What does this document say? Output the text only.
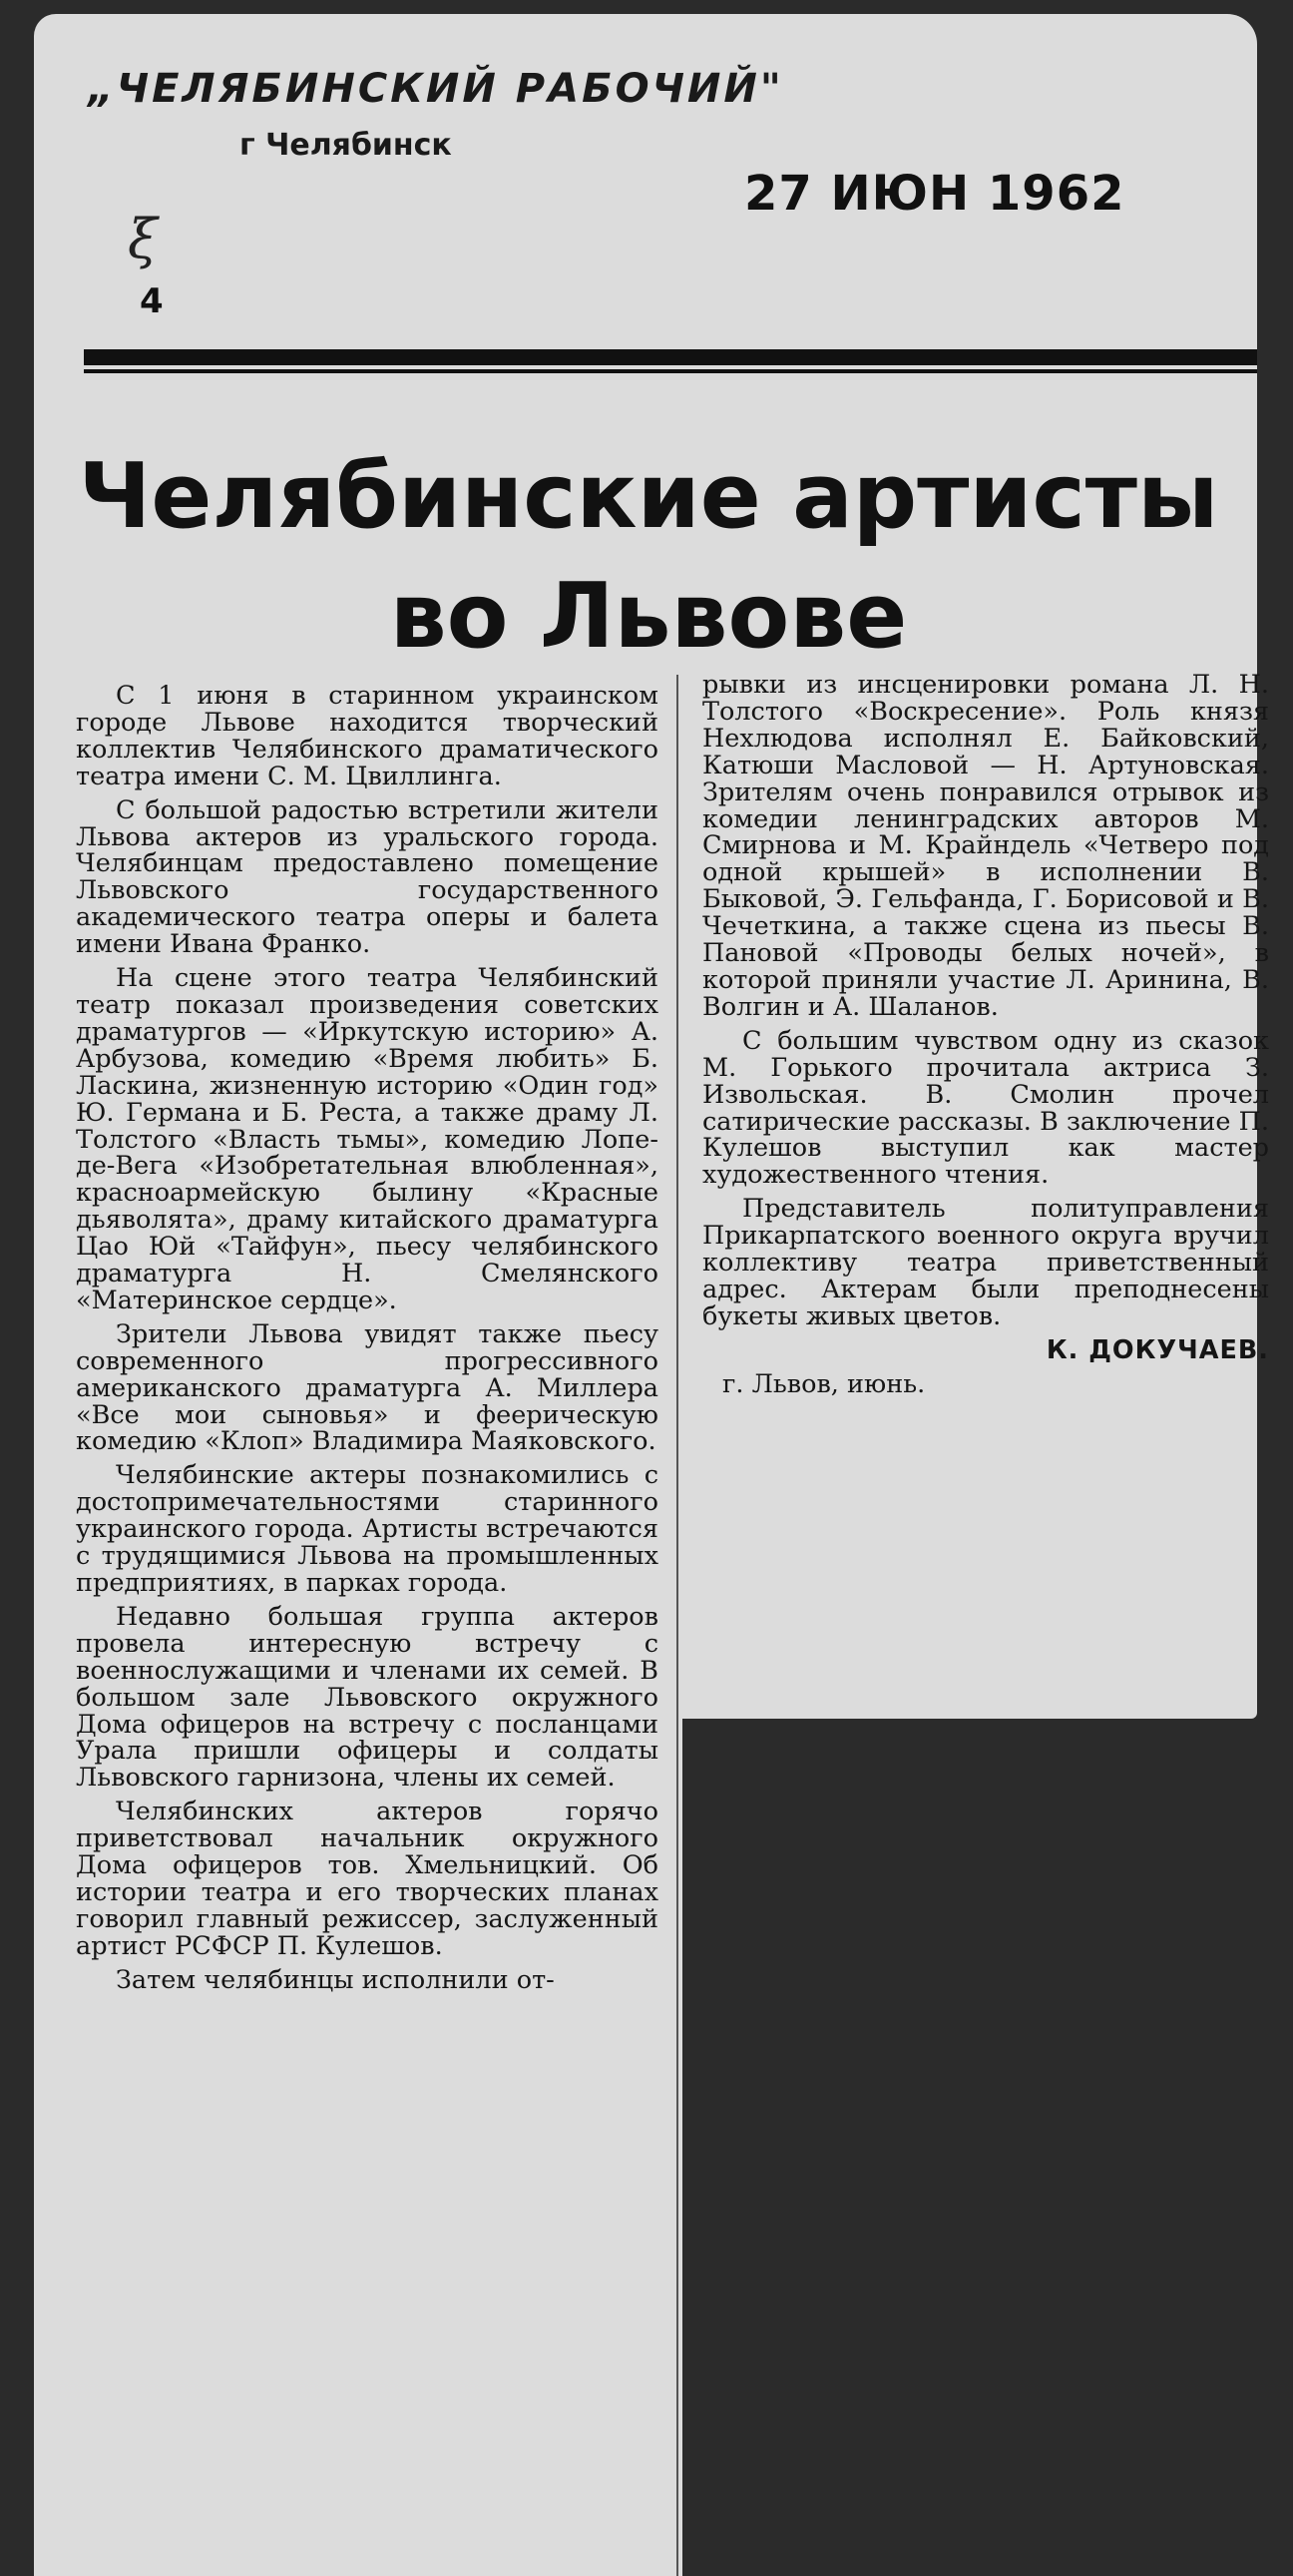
„ЧЕЛЯБИНСКИЙ РАБОЧИЙ"
г Челябинск
27 ИЮН 1962
ξ
4
Челябинские артисты
во Львове

С 1 июня в старинном украинском городе Львове находится творческий коллектив Челябинского драматического театра имени С. М. Цвиллинга.

С большой радостью встретили жители Львова актеров из уральского города. Челябинцам предоставлено помещение Львовского государственного академического театра оперы и балета имени Ивана Франко.

На сцене этого театра Челябинский театр показал произведения советских драматургов — «Иркутскую историю» А. Арбузова, комедию «Время любить» Б. Ласкина, жизненную историю «Один год» Ю. Германа и Б. Реста, а также драму Л. Толстого «Власть тьмы», комедию Лопе-де-Вега «Изобретательная влюбленная», красноармейскую былину «Красные дьяволята», драму китайского драматурга Цао Юй «Тайфун», пьесу челябинского драматурга Н. Смелянского «Материнское сердце».

Зрители Львова увидят также пьесу современного прогрессивного американского драматурга А. Миллера «Все мои сыновья» и феерическую комедию «Клоп» Владимира Маяковского.

Челябинские актеры познакомились с достопримечательностями старинного украинского города. Артисты встречаются с трудящимися Львова на промышленных предприятиях, в парках города.

Недавно большая группа актеров провела интересную встречу с военнослужащими и членами их семей. В большом зале Львовского окружного Дома офицеров на встречу с посланцами Урала пришли офицеры и солдаты Львовского гарнизона, члены их семей.

Челябинских актеров горячо приветствовал начальник окружного Дома офицеров тов. Хмельницкий. Об истории театра и его творческих планах говорил главный режиссер, заслуженный артист РСФСР П. Кулешов.

Затем челябинцы исполнили от-

рывки из инсценировки романа Л. Н. Толстого «Воскресение». Роль князя Нехлюдова исполнял Е. Байковский, Катюши Масловой — Н. Артуновская. Зрителям очень понравился отрывок из комедии ленинградских авторов М. Смирнова и М. Крайндель «Четверо под одной крышей» в исполнении В. Быковой, Э. Гельфанда, Г. Борисовой и В. Чечеткина, а также сцена из пьесы В. Пановой «Проводы белых ночей», в которой приняли участие Л. Аринина, В. Волгин и А. Шаланов.

С большим чувством одну из сказок М. Горького прочитала актриса З. Извольская. В. Смолин прочел сатирические рассказы. В заключение П. Кулешов выступил как мастер художественного чтения.

Представитель политуправления Прикарпатского военного округа вручил коллективу театра приветственный адрес. Актерам были преподнесены букеты живых цветов.

К. ДОКУЧАЕВ.

г. Львов, июнь.
